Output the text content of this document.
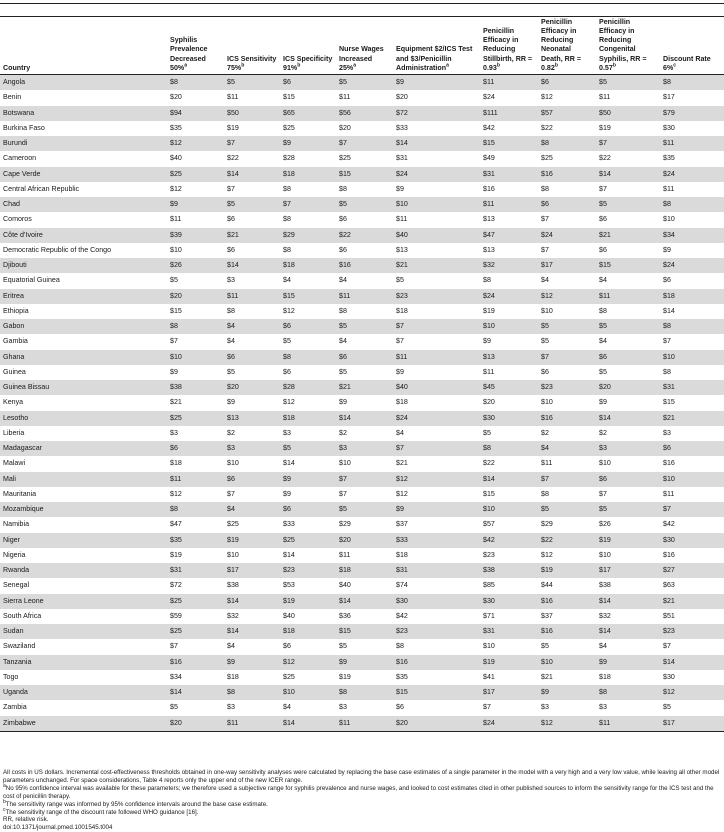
Country	Syphilis Prevalence Decreased 50%$^a$	ICS Sensitivity 75%$^b$	ICS Specificity 91%$^b$	Nurse Wages Increased 25%$^a$	Equipment $2/ICS Test and $3/Penicillin Administration$^a$	Penicillin Efficacy in Reducing Stillbirth, RR = 0.93$^b$	Penicillin Efficacy in Reducing Neonatal Death, RR = 0.82$^b$	Penicillin Efficacy in Reducing Congenital Syphilis, RR = 0.57$^b$	Discount Rate 6%$^c$
Angola	$8	$5	$6	$5	$9	$11	$6	$5	$8
Benin	$20	$11	$15	$11	$20	$24	$12	$11	$17
Botswana	$94	$50	$65	$56	$72	$111	$57	$50	$79
Burkina Faso	$35	$19	$25	$20	$33	$42	$22	$19	$30
Burundi	$12	$7	$9	$7	$14	$15	$8	$7	$11
Cameroon	$40	$22	$28	$25	$31	$49	$25	$22	$35
Cape Verde	$25	$14	$18	$15	$24	$31	$16	$14	$24
Central African Republic	$12	$7	$8	$8	$9	$16	$8	$7	$11
Chad	$9	$5	$7	$5	$10	$11	$6	$5	$8
Comoros	$11	$6	$8	$6	$11	$13	$7	$6	$10
Côte d’Ivoire	$39	$21	$29	$22	$40	$47	$24	$21	$34
Democratic Republic of the Congo	$10	$6	$8	$6	$13	$13	$7	$6	$9
Djibouti	$26	$14	$18	$16	$21	$32	$17	$15	$24
Equatorial Guinea	$5	$3	$4	$4	$5	$8	$4	$4	$6
Eritrea	$20	$11	$15	$11	$23	$24	$12	$11	$18
Ethiopia	$15	$8	$12	$8	$18	$19	$10	$8	$14
Gabon	$8	$4	$6	$5	$7	$10	$5	$5	$8
Gambia	$7	$4	$5	$4	$7	$9	$5	$4	$7
Ghana	$10	$6	$8	$6	$11	$13	$7	$6	$10
Guinea	$9	$5	$6	$5	$9	$11	$6	$5	$8
Guinea Bissau	$38	$20	$28	$21	$40	$45	$23	$20	$31
Kenya	$21	$9	$12	$9	$18	$20	$10	$9	$15
Lesotho	$25	$13	$18	$14	$24	$30	$16	$14	$21
Liberia	$3	$2	$3	$2	$4	$5	$2	$2	$3
Madagascar	$6	$3	$5	$3	$7	$8	$4	$3	$6
Malawi	$18	$10	$14	$10	$21	$22	$11	$10	$16
Mali	$11	$6	$9	$7	$12	$14	$7	$6	$10
Mauritania	$12	$7	$9	$7	$12	$15	$8	$7	$11
Mozambique	$8	$4	$6	$5	$9	$10	$5	$5	$7
Namibia	$47	$25	$33	$29	$37	$57	$29	$26	$42
Niger	$35	$19	$25	$20	$33	$42	$22	$19	$30
Nigeria	$19	$10	$14	$11	$18	$23	$12	$10	$16
Rwanda	$31	$17	$23	$18	$31	$38	$19	$17	$27
Senegal	$72	$38	$53	$40	$74	$85	$44	$38	$63
Sierra Leone	$25	$14	$19	$14	$30	$30	$16	$14	$21
South Africa	$59	$32	$40	$36	$42	$71	$37	$32	$51
Sudan	$25	$14	$18	$15	$23	$31	$16	$14	$23
Swaziland	$7	$4	$6	$5	$8	$10	$5	$4	$7
Tanzania	$16	$9	$12	$9	$16	$19	$10	$9	$14
Togo	$34	$18	$25	$19	$35	$41	$21	$18	$30
Uganda	$14	$8	$10	$8	$15	$17	$9	$8	$12
Zambia	$5	$3	$4	$3	$6	$7	$3	$3	$5
Zimbabwe	$20	$11	$14	$11	$20	$24	$12	$11	$17
All costs in US dollars. Incremental cost-effectiveness thresholds obtained in one-way sensitivity analyses were calculated by replacing the base case estimates of a single parameter in the model with a very high and a very low value, while leaving all other model parameters unchanged. For space considerations, Table 4 reports only the upper end of the new ICER range.
$^a$No 95% confidence interval was available for these parameters; we therefore used a subjective range for syphilis prevalence and nurse wages, and looked to cost estimates cited in other published sources to inform the sensitivity range for the ICS test and the cost of penicillin therapy.
$^b$The sensitivity range was informed by 95% confidence intervals around the base case estimate.
$^c$The sensitivity range of the discount rate followed WHO guidance [16].
RR, relative risk.
doi:10.1371/journal.pmed.1001545.t004
